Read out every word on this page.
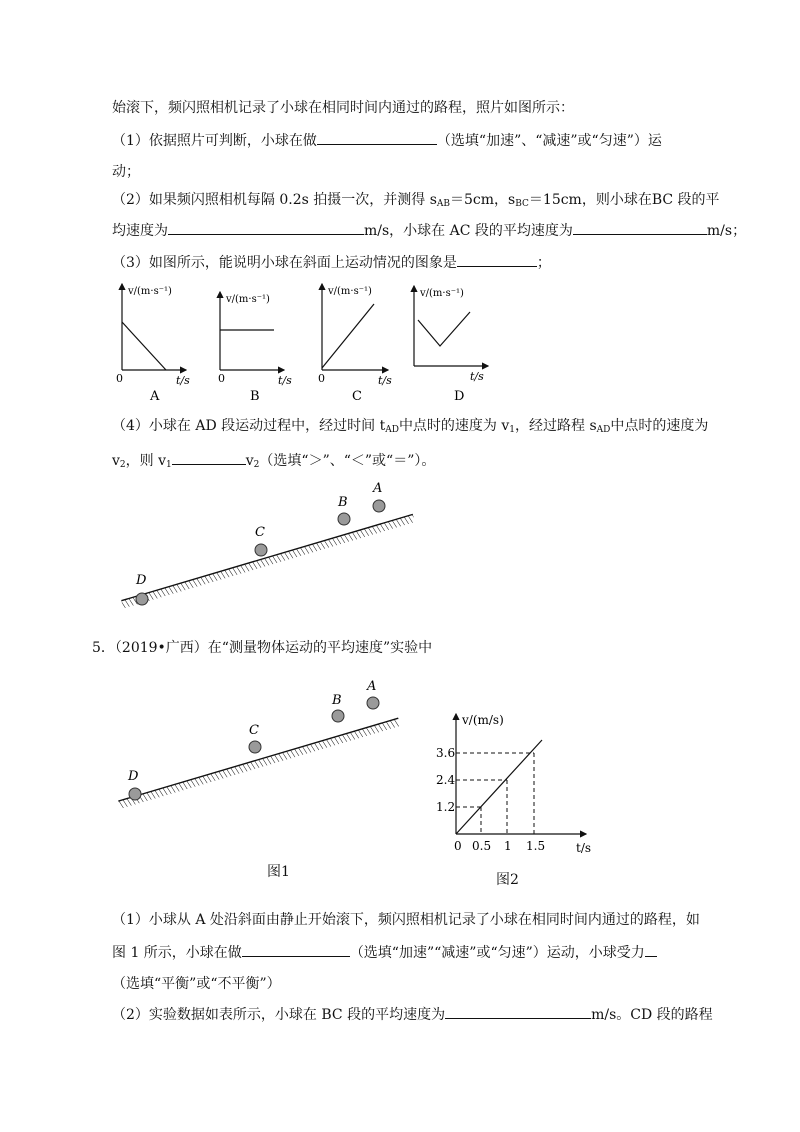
始滚下，频闪照相机记录了小球在相同时间内通过的路程，照片如图所示：
（1）依据照片可判断，小球在做	（选填“加速”、“减速”或“匀速”）运
动；
（2）如果频闪照相机每隔 0.2s 拍摄一次，并测得 $s_{AB}=5cm$，$s_{BC}=15cm$，则小球在BC 段的平
均速度为	m/s，小球在 AC 段的平均速度为	m/s；
（3）如图所示，能说明小球在斜面上运动情况的图象是	；
v/(m·s⁻¹)
0	t/s
A
v/(m·s⁻¹)
0	t/s
B
v/(m·s⁻¹)
0	t/s
C
v/(m·s⁻¹)
t/s
D
（4）小球在 AD 段运动过程中，经过时间 $t_{AD}$中点时的速度为 $v_1$，经过路程 $s_{AD}$中点时的速度为
$v_2$，则 $v_1$	$v_2$（选填“＞”、“＜”或“＝”）。
D
C
B
A
5．（2019•广西）在“测量物体运动的平均速度”实验中
D
C
B
A
图1
v/(m/s)
3.6
2.4
1.2
0 0.5 1 1.5	t/s
图2
（1）小球从 A 处沿斜面由静止开始滚下，频闪照相机记录了小球在相同时间内通过的路程，如
图 1 所示，小球在做	（选填“加速”“减速”或“匀速”）运动，小球受力
（选填“平衡”或“不平衡”）
（2）实验数据如表所示，小球在 BC 段的平均速度为	m/s。CD 段的路程
